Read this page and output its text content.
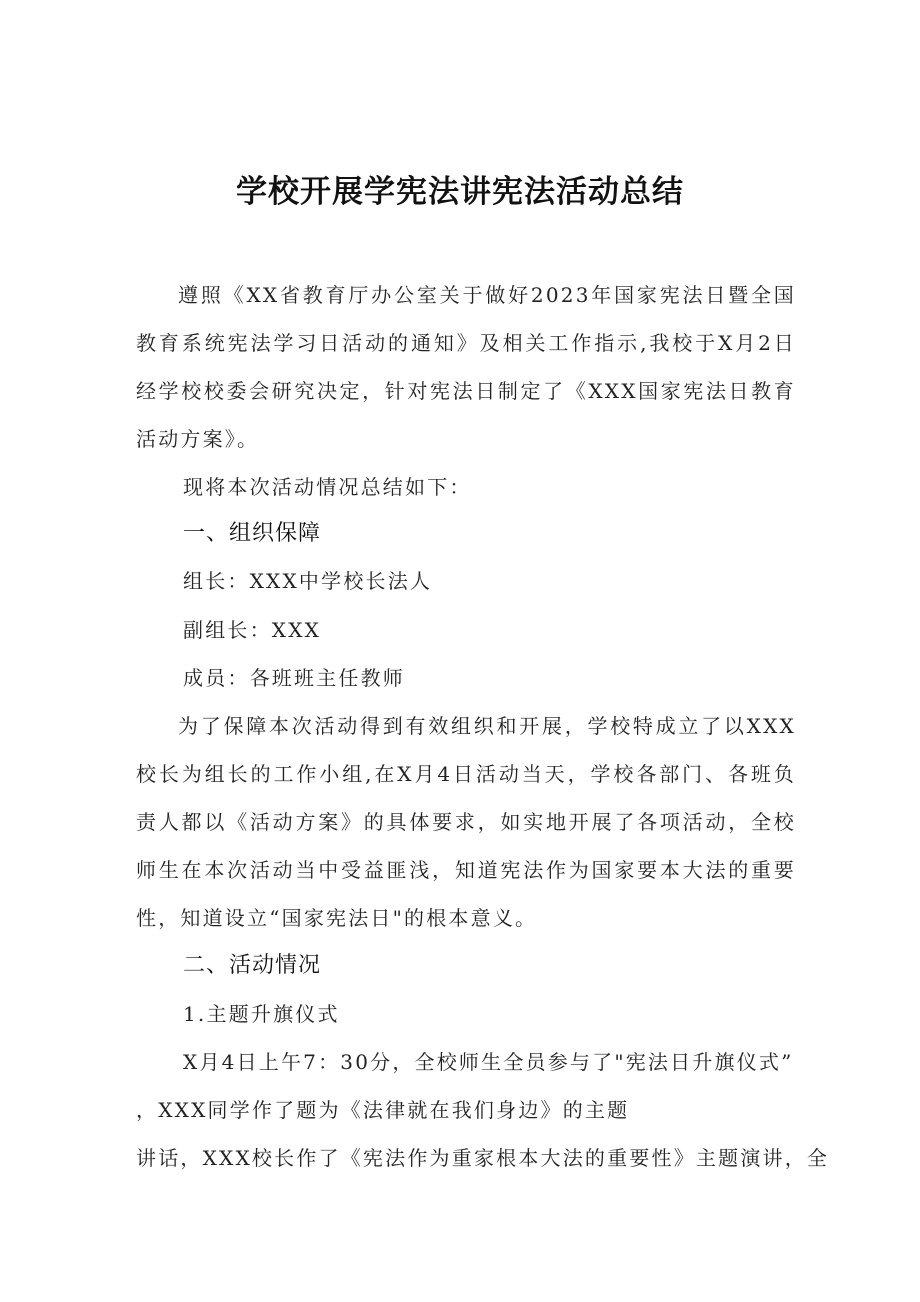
学校开展学宪法讲宪法活动总结

遵照《XX省教育厅办公室关于做好2023年国家宪法日暨全国教育系统宪法学习日活动的通知》及相关工作指示,我校于X月2日经学校校委会研究决定，针对宪法日制定了《XXX国家宪法日教育活动方案》。

现将本次活动情况总结如下：

一、组织保障

组长：XXX中学校长法人

副组长：XXX

成员：各班班主任教师

为了保障本次活动得到有效组织和开展，学校特成立了以XXX校长为组长的工作小组,在X月4日活动当天，学校各部门、各班负责人都以《活动方案》的具体要求，如实地开展了各项活动，全校师生在本次活动当中受益匪浅，知道宪法作为国家要本大法的重要性，知道设立“国家宪法日"的根本意义。

二、活动情况

1.主题升旗仪式

X月4日上午7：30分，全校师生全员参与了"宪法日升旗仪式”

，XXX同学作了题为《法律就在我们身边》的主题

讲话，XXX校长作了《宪法作为重家根本大法的重要性》主题演讲，全
